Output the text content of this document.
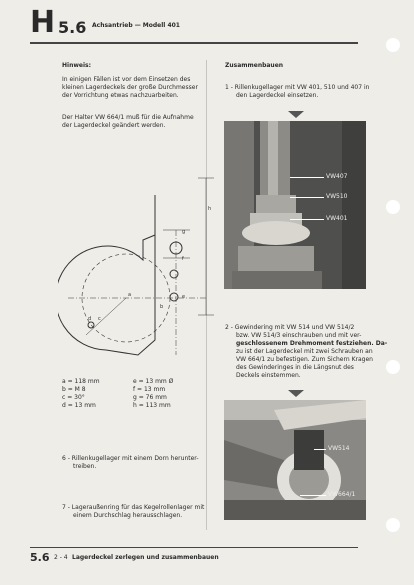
H 5.6 Achsantrieb — Modell 401
Hinweis:
In einigen Fällen ist vor dem Einsetzen des
kleinen Lagerdeckels der große Durchmesser
der Vorrichtung etwas nachzuarbeiten.
Der Halter VW 664/1 muß für die Aufnahme
der Lagerdeckel geändert werden.
a
b
c
d
e
f
g
h
a = 118 mm
b = M 8
c = 30°
d = 13 mm
e = 13 mm Ø
f = 13 mm
g = 76 mm
h = 113 mm
6 - Rillenkugellager mit einem Dorn herunter-
treiben.
7 - Lageraußenring für das Kegelrollenlager mit
einem Durchschlag herausschlagen.
Zusammenbauen
1 - Rillenkugellager mit VW 401, 510 und 407 in
den Lagerdeckel einsetzen.
VW407
VW510
VW401
2 - Gewindering mit VW 514 und VW 514/2
bzw. VW 514/3 einschrauben und mit ver-
geschlossenem Drehmoment festziehen. Da-
zu ist der Lagerdeckel mit zwei Schrauben an
VW 664/1 zu befestigen. Zum Sichern Kragen
des Gewinderinges in die Längsnut des
Deckels einstemmen.
VW514
VW664/1
5.6 2 - 4 Lagerdeckel zerlegen und zusammenbauen
